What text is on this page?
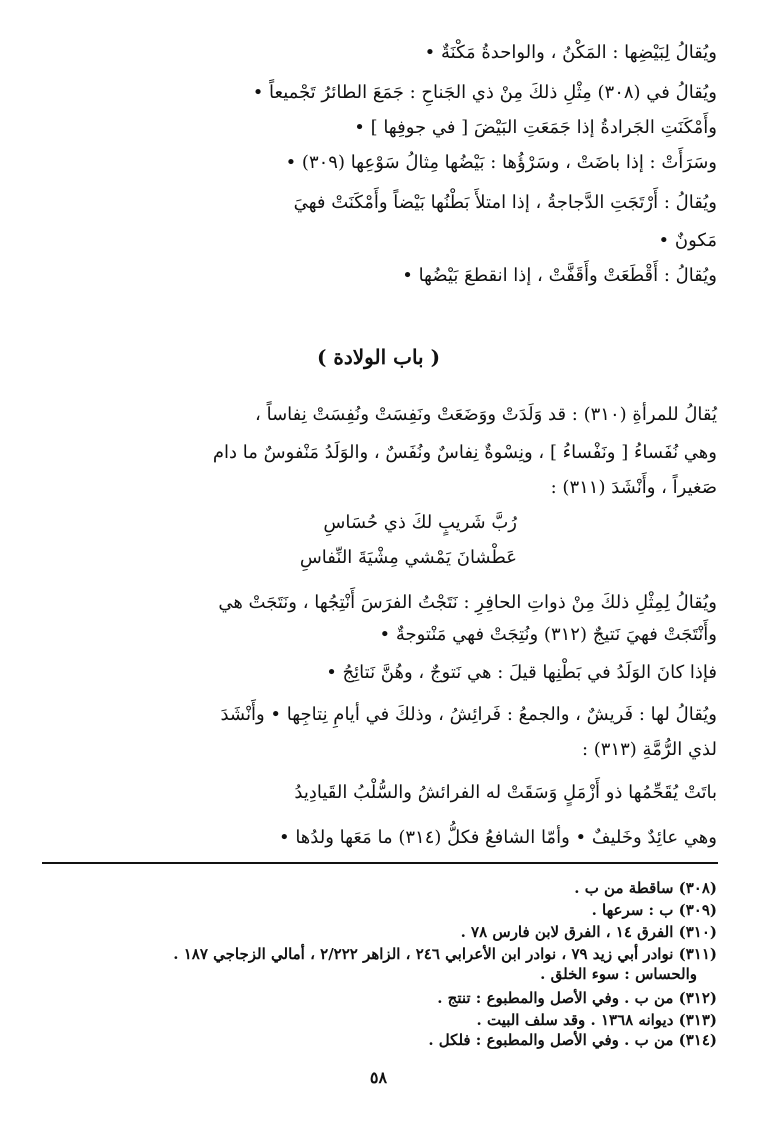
ويُقالُ لِبَيْضِها : المَكْنُ ، والواحدةُ مَكْنَةٌ •
ويُقالُ في (٣٠٨) مِثْلِ ذلكَ مِنْ ذي الجَناحِ : جَمَعَ الطائرُ تَجْميعاً •
وأَمْكَنَتِ الجَرادةُ إذا جَمَعَتِ البَيْضَ [ في جوفِها ] •
وسَرَأَتْ : إذا باضَتْ ، وسَرْؤُها : بَيْضُها مِثالُ سَوْعِها (٣٠٩) •
ويُقالُ : أَرْتَجَتِ الدَّجاجةُ ، إذا امتلأَ بَطْنُها بَيْضاً وأَمْكَنَتْ فهيَ
مَكونٌ •
ويُقالُ : أَقْطَعَتْ وأَقَفَّتْ ، إذا انقطعَ بَيْضُها •
( باب الولادة )
يُقالُ للمرأةِ (٣١٠) : قد وَلَدَتْ ووَضَعَتْ ونَفِسَتْ ونُفِسَتْ نِفاساً ،
وهي نُفَساءُ [ ونَفْساءُ ] ، ونِسْوةٌ نِفاسٌ ونُفَسٌ ، والوَلَدُ مَنْفوسٌ ما دام
صَغيراً ، وأَنْشَدَ (٣١١) :
رُبَّ شَريبٍ لكَ ذي حُسَاسِ
عَطْشانَ يَمْشي مِشْيَةَ النِّفاسِ
ويُقالُ لِمِثْلِ ذلكَ مِنْ ذواتِ الحافِرِ : نَتَجْتُ الفرَسَ أَنْتِجُها ، ونَتَجَتْ هي
وأَنْتَجَتْ فهيَ نَتيجٌ (٣١٢) ونُتِجَتْ فهي مَنْتوجةٌ •
فإذا كانَ الوَلَدُ في بَطْنِها قيلَ : هي نَتوجٌ ، وهُنَّ نَتائِجُ •
ويُقالُ لها : فَريشٌ ، والجمعُ : فَرائِشُ ، وذلكَ في أيامِ نِتاجِها • وأَنْشَدَ
لذي الرُّمَّةِ (٣١٣) :
باتَتْ يُقَحِّمُها ذو أَزْمَلٍ وَسَقَتْ له الفرائشُ والسُّلْبُ القَيادِيدُ
وهي عائِدٌ وخَليفٌ • وأمّا الشافعُ فكلُّ (٣١٤) ما مَعَها ولدُها •
(٣٠٨) ساقطة من ب .
(٣٠٩) ب : سرعها .
(٣١٠) الفرق ١٤ ، الفرق لابن فارس ٧٨ .
(٣١١) نوادر أبي زيد ٧٩ ، نوادر ابن الأعرابي ٢٤٦ ، الزاهر ٢/٢٢٢ ، أمالي الزجاجي ١٨٧ .
والحساس : سوء الخلق .
(٣١٢) من ب . وفي الأصل والمطبوع : تنتج .
(٣١٣) ديوانه ١٣٦٨ . وقد سلف البيت .
(٣١٤) من ب . وفي الأصل والمطبوع : فلكل .
٥٨
